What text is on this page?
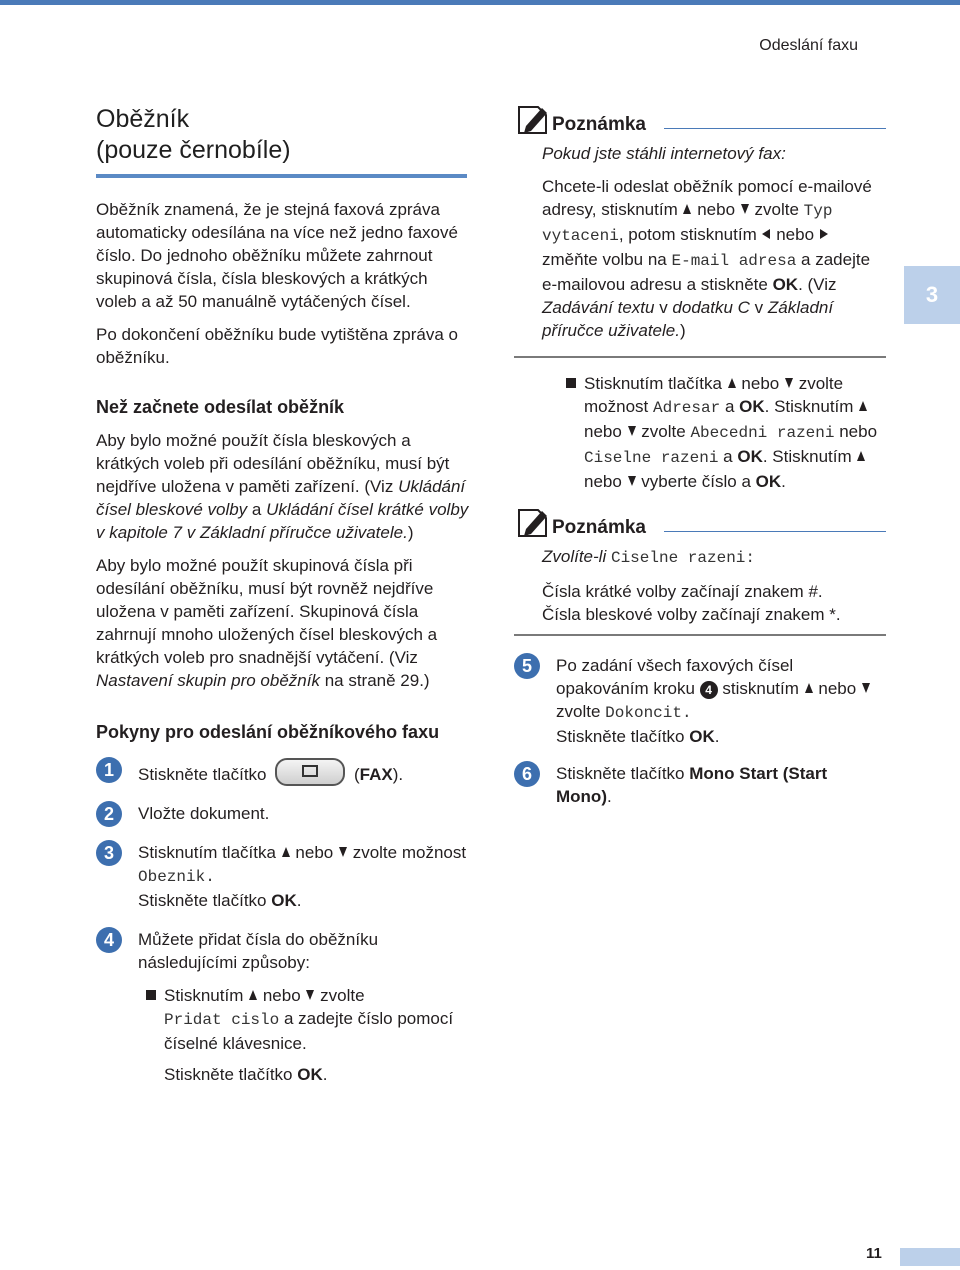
Odeslání faxu
3
Oběžník
(pouze černobíle)

Oběžník znamená, že je stejná faxová zpráva automaticky odesílána na více než jedno faxové číslo. Do jednoho oběžníku můžete zahrnout skupinová čísla, čísla bleskových a krátkých voleb a až 50 manuálně vytáčených čísel.

Po dokončení oběžníku bude vytištěna zpráva o oběžníku.

Než začnete odesílat oběžník

Aby bylo možné použít čísla bleskových a krátkých voleb při odesílání oběžníku, musí být nejdříve uložena v paměti zařízení. (Viz Ukládání čísel bleskové volby a Ukládání čísel krátké volby v kapitole 7 v Základní příručce uživatele.)

Aby bylo možné použít skupinová čísla při odesílání oběžníku, musí být rovněž nejdříve uložena v paměti zařízení. Skupinová čísla zahrnují mnoho uložených čísel bleskových a krátkých voleb pro snadnější vytáčení. (Viz Nastavení skupin pro oběžník na straně 29.)

Pokyny pro odeslání oběžníkového faxu

1	Stiskněte tlačítko	(FAX).
2	Vložte dokument.
3	Stisknutím tlačítka nebo zvolte možnost Obeznik.
Stiskněte tlačítko OK.
4	Můžete přidat čísla do oběžníku následujícími způsoby:
Stisknutím nebo zvolte
Pridat cislo a zadejte číslo pomocí číselné klávesnice.

Stiskněte tlačítko OK.

Poznámka

Pokud jste stáhli internetový fax:

Chcete-li odeslat oběžník pomocí e-mailové adresy, stisknutím nebo zvolte Typ vytaceni, potom stisknutím nebo  změňte volbu na E-mail adresa a zadejte e-mailovou adresu a stiskněte OK. (Viz Zadávání textu v dodatku C v Základní příručce uživatele.)

Stisknutím tlačítka nebo zvolte možnost Adresar a OK. Stisknutím  nebo zvolte Abecedni razeni nebo Ciselne razeni a OK. Stisknutím  nebo vyberte číslo a OK.
Poznámka

Zvolíte-li Ciselne razeni:

Čísla krátké volby začínají znakem #.
Čísla bleskové volby začínají znakem *.

5	Po zadání všech faxových čísel opakováním kroku 4 stisknutím nebo  zvolte Dokoncit.
Stiskněte tlačítko OK.
6	Stiskněte tlačítko Mono Start (Start Mono).
11
